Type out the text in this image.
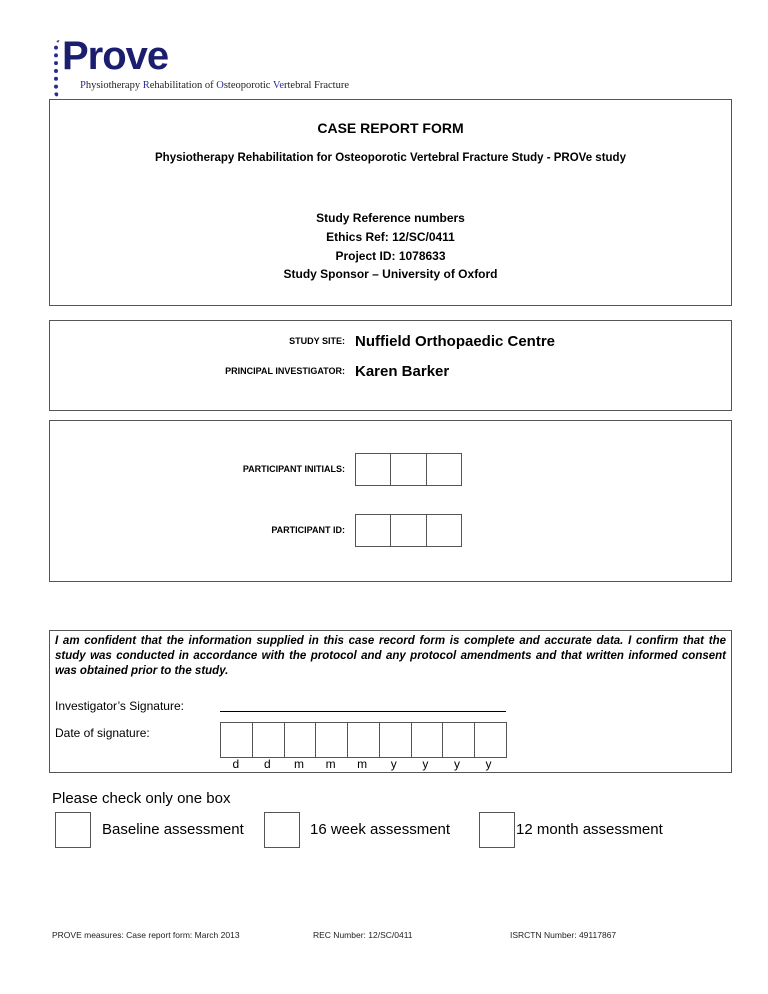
Prove
Physiotherapy Rehabilitation of Osteoporotic Vertebral Fracture
CASE REPORT FORM
Physiotherapy Rehabilitation for Osteoporotic Vertebral Fracture Study - PROVe study
Study Reference numbers
Ethics Ref: 12/SC/0411
Project ID: 1078633
Study Sponsor – University of Oxford
STUDY SITE: Nuffield Orthopaedic Centre
PRINCIPAL INVESTIGATOR: Karen Barker
PARTICIPANT INITIALS:
PARTICIPANT ID:
I am confident that the information supplied in this case record form is complete and accurate data. I confirm that the study was conducted in accordance with the protocol and any protocol amendments and that written informed consent was obtained prior to the study.
Investigator’s Signature:
Date of signature:
d	d	m	m	m	y	y	y	y
Please check only one box
Baseline assessment	16 week assessment	12 month assessment
PROVE measures: Case report form: March 2013	REC Number: 12/SC/0411	ISRCTN Number: 49117867
